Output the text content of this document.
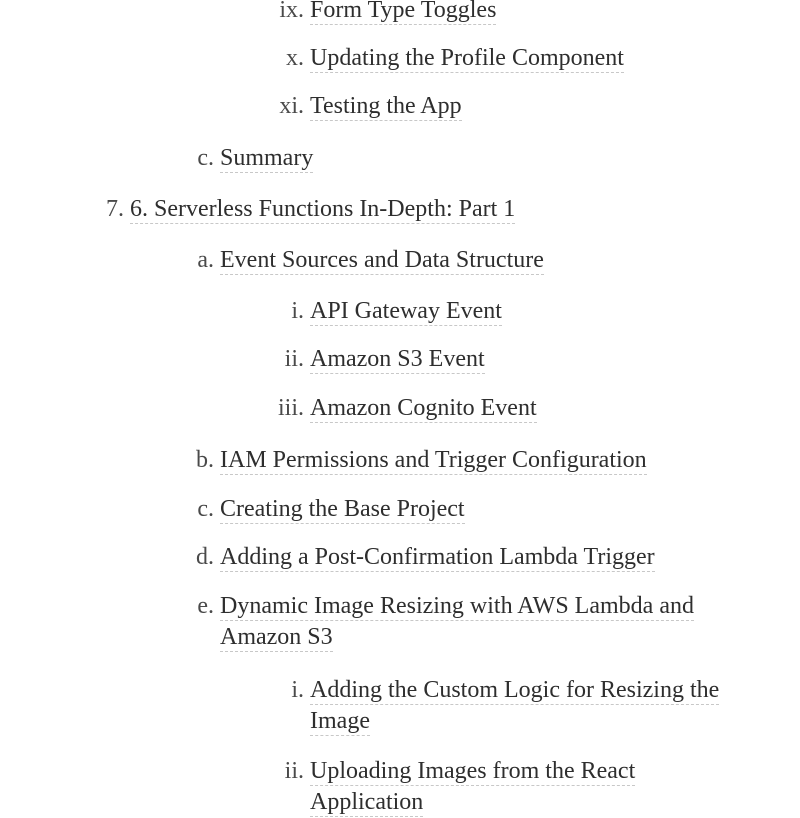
ix. Form Type Toggles
x. Updating the Profile Component
xi. Testing the App
c. Summary
7. 6. Serverless Functions In-Depth: Part 1
a. Event Sources and Data Structure
i. API Gateway Event
ii. Amazon S3 Event
iii. Amazon Cognito Event
b. IAM Permissions and Trigger Configuration
c. Creating the Base Project
d. Adding a Post-Confirmation Lambda Trigger
e. Dynamic Image Resizing with AWS Lambda and
Amazon S3
i. Adding the Custom Logic for Resizing the
Image
ii. Uploading Images from the React
Application
